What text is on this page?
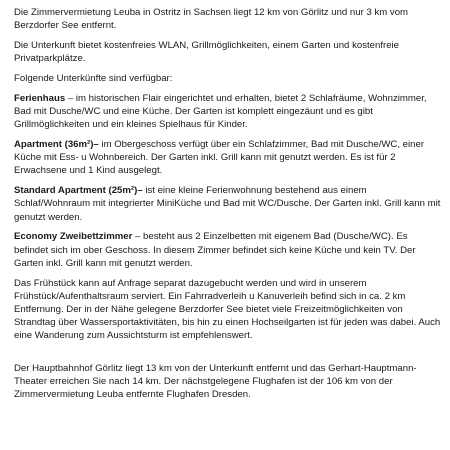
Die Zimmervermietung Leuba in Ostritz in Sachsen liegt 12 km von Görlitz und nur 3 km vom Berzdorfer See entfernt.

Die Unterkunft bietet kostenfreies WLAN, Grillmöglichkeiten, einem Garten und kostenfreie Privatparkplätze.

Folgende Unterkünfte sind verfügbar:

Ferienhaus – im historischen Flair eingerichtet und erhalten, bietet 2 Schlafräume, Wohnzimmer, Bad mit Dusche/WC und eine Küche. Der Garten ist komplett eingezäunt und es gibt Grillmöglichkeiten und ein kleines Spielhaus für Kinder.

Apartment (36m²)– im Obergeschoss verfügt über ein Schlafzimmer, Bad mit Dusche/WC, einer Küche mit Ess- u Wohnbereich. Der Garten inkl. Grill kann mit genutzt werden. Es ist für 2 Erwachsene und 1 Kind ausgelegt.

Standard Apartment (25m²)– ist eine kleine Ferienwohnung bestehend aus einem Schlaf/Wohnraum mit integrierter MiniKüche und Bad mit WC/Dusche. Der Garten inkl. Grill kann mit genutzt werden.

Economy Zweibettzimmer – besteht aus 2 Einzelbetten mit eigenem Bad (Dusche/WC). Es befindet sich im ober Geschoss. In diesem Zimmer befindet sich keine Küche und kein TV. Der Garten inkl. Grill kann mit genutzt werden.

Das Frühstück kann auf Anfrage separat dazugebucht werden und wird in unserem Frühstück/Aufenthaltsraum serviert. Ein Fahrradverleih u Kanuverleih befind sich in ca. 2 km Entfernung. Der in der Nähe gelegene Berzdorfer See bietet viele Freizeitmöglichkeiten von Strandtag über Wassersportaktivitäten, bis hin zu einen Hochseilgarten ist für jeden was dabei. Auch eine Wanderung zum Aussichtsturm ist empfehlenswert.

Der Hauptbahnhof Görlitz liegt 13 km von der Unterkunft entfernt und das Gerhart-Hauptmann-Theater erreichen Sie nach 14 km. Der nächstgelegene Flughafen ist der 106 km von der Zimmervermietung Leuba entfernte Flughafen Dresden.
